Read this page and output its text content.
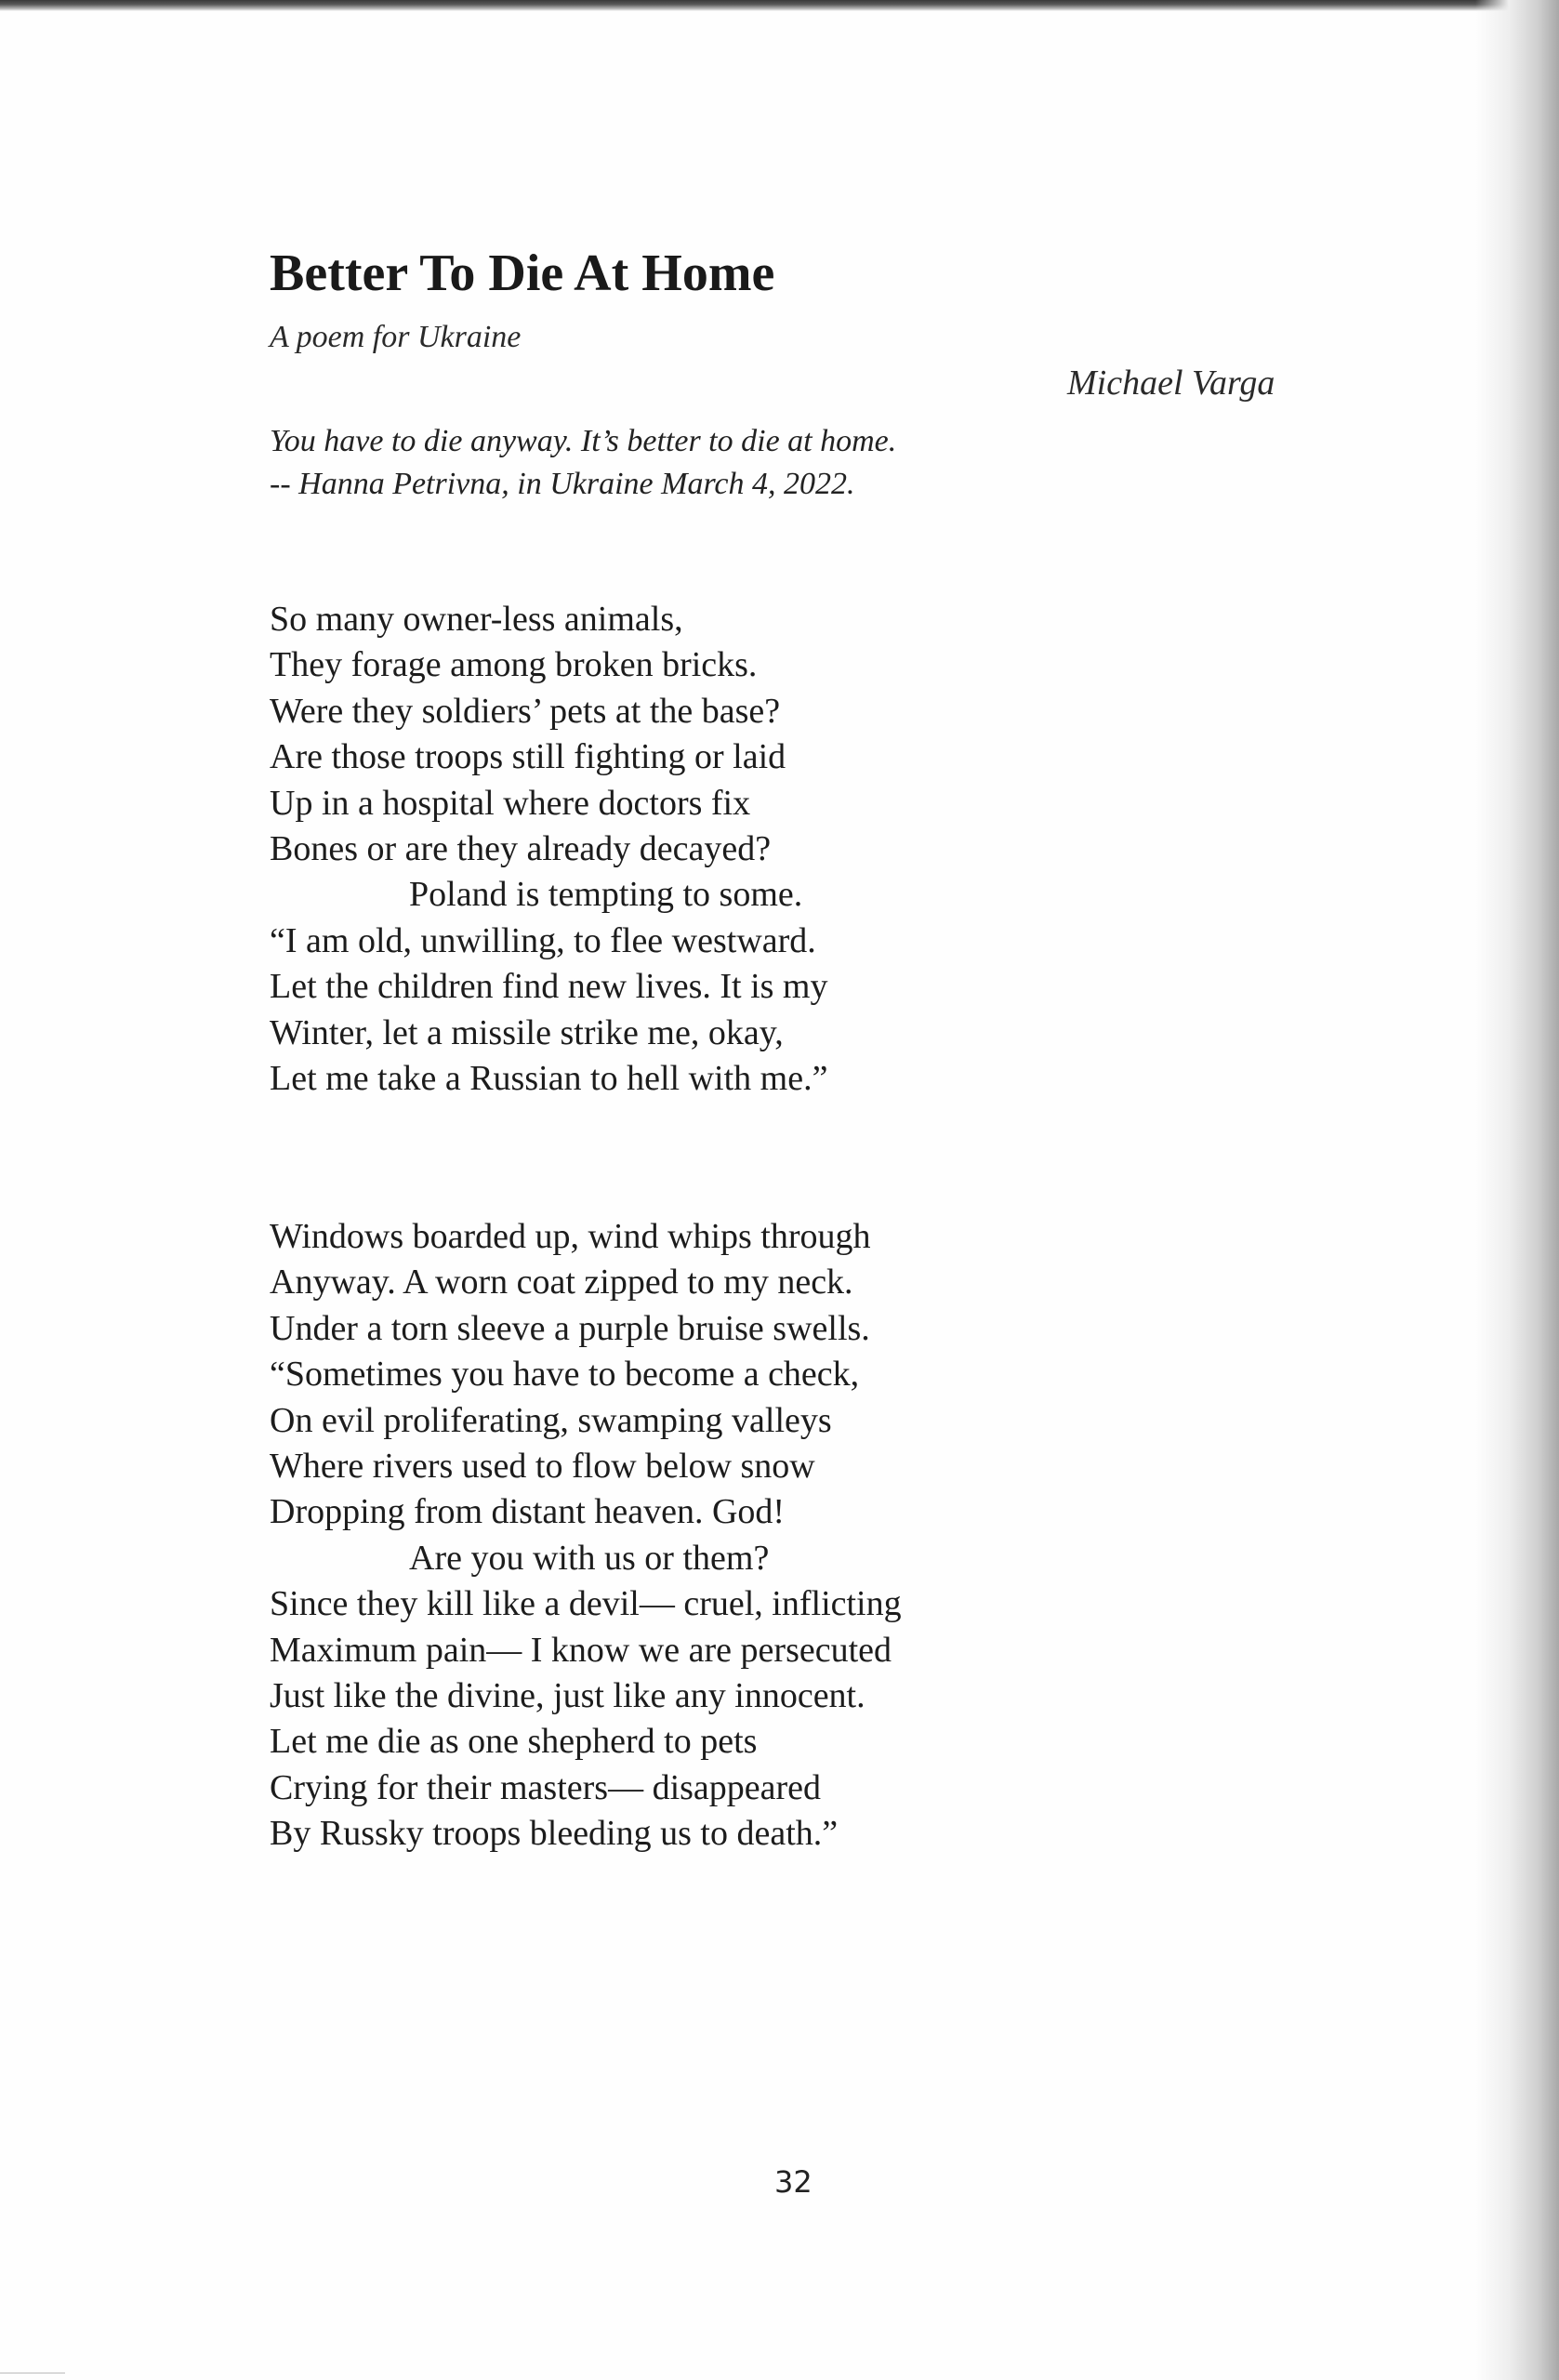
Better To Die At Home
A poem for Ukraine
Michael Varga
You have to die anyway. It’s better to die at home.
-- Hanna Petrivna, in Ukraine March 4, 2022.
So many owner-less animals,
They forage among broken bricks.
Were they soldiers’ pets at the base?
Are those troops still fighting or laid
Up in a hospital where doctors fix
Bones or are they already decayed?
Poland is tempting to some.
“I am old, unwilling, to flee westward.
Let the children find new lives. It is my
Winter, let a missile strike me, okay,
Let me take a Russian to hell with me.”
Windows boarded up, wind whips through
Anyway. A worn coat zipped to my neck.
Under a torn sleeve a purple bruise swells.
“Sometimes you have to become a check,
On evil proliferating, swamping valleys
Where rivers used to flow below snow
Dropping from distant heaven. God!
Are you with us or them?
Since they kill like a devil— cruel, inflicting
Maximum pain— I know we are persecuted
Just like the divine, just like any innocent.
Let me die as one shepherd to pets
Crying for their masters— disappeared
By Russky troops bleeding us to death.”
32
